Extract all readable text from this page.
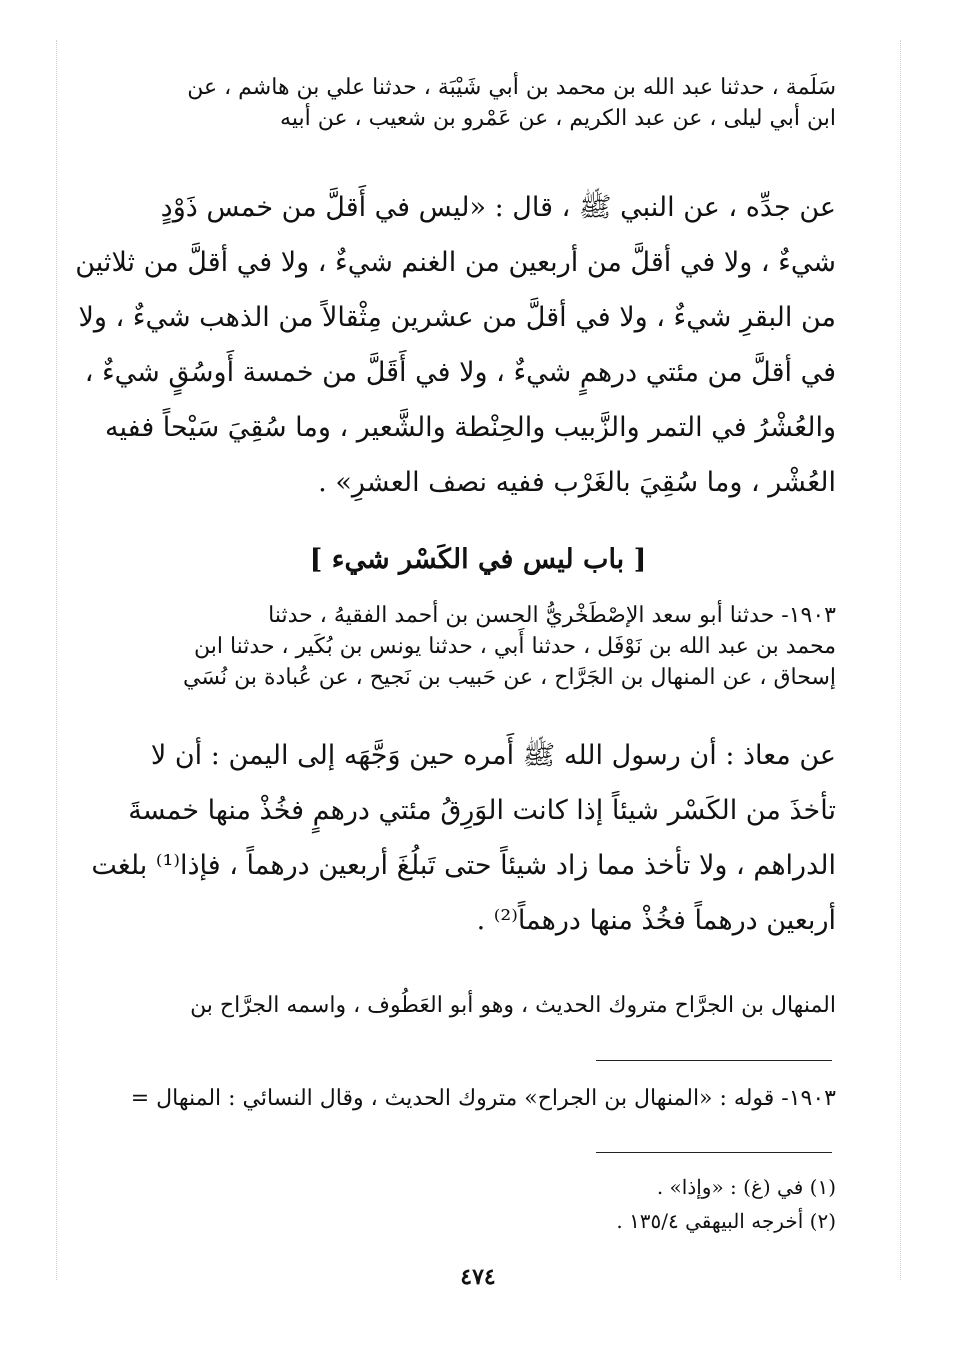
سَلَمة ، حدثنا عبد الله بن محمد بن أبي شَيْبَة ، حدثنا علي بن هاشم ، عن
ابن أبي ليلى ، عن عبد الكريم ، عن عَمْرو بن شعيب ، عن أبيه
عن جدِّه ، عن النبي ﷺ ، قال : «ليس في أَقلَّ من خمس ذَوْدٍ
شيءٌ ، ولا في أقلَّ من أربعين من الغنم شيءٌ ، ولا في أقلَّ من ثلاثين
من البقرِ شيءٌ ، ولا في أقلَّ من عشرين مِثْقالاً من الذهب شيءٌ ، ولا
في أقلَّ من مئتي درهمٍ شيءٌ ، ولا في أَقَلَّ من خمسة أَوسُقٍ شيءٌ ،
والعُشْرُ في التمر والزَّبيب والحِنْطة والشَّعير ، وما سُقِيَ سَيْحاً ففيه
العُشْر ، وما سُقِيَ بالغَرْب ففيه نصف العشرِ» .
[ باب ليس في الكَسْر شيء ]
١٩٠٣- حدثنا أبو سعد الإصْطَخْريُّ الحسن بن أحمد الفقيهُ ، حدثنا
محمد بن عبد الله بن نَوْفَل ، حدثنا أَبي ، حدثنا يونس بن بُكَير ، حدثنا ابن
إسحاق ، عن المنهال بن الجَرَّاح ، عن حَبيب بن نَجيح ، عن عُبادة بن نُسَي
عن معاذ : أن رسول الله ﷺ أَمره حين وَجَّهَه إلى اليمن : أن لا
تأخذَ من الكَسْر شيئاً إذا كانت الوَرِقُ مئتي درهمٍ فخُذْ منها خمسةَ
الدراهم ، ولا تأخذ مما زاد شيئاً حتى تَبلُغَ أربعين درهماً ، فإذا⁽¹⁾ بلغت
أربعين درهماً فخُذْ منها درهماً⁽²⁾ .
المنهال بن الجرَّاح متروك الحديث ، وهو أبو العَطُوف ، واسمه الجرَّاح بن
١٩٠٣- قوله : «المنهال بن الجراح» متروك الحديث ، وقال النسائي : المنهال =
(١) في (غ) : «وإذا» .
(٢) أخرجه البيهقي ١٣٥/٤ .
٤٧٤
